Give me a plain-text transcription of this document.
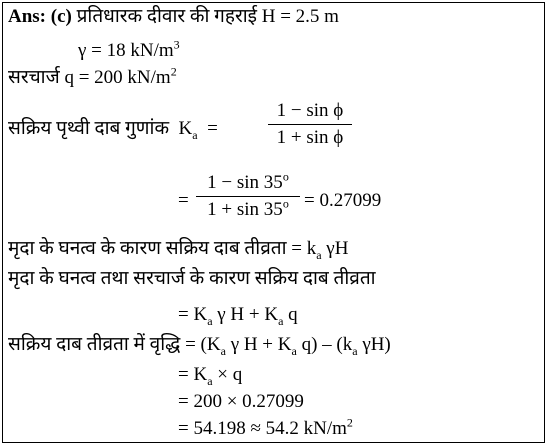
Ans: (c) प्रतिधारक दीवार की गहराई H = 2.5 m
γ = 18 $kN/m^3$
सरचार्ज q = 200 $kN/m^2$
सक्रिय पृथ्वी दाब गुणांक $K_a$ =
1 − sin ϕ
1 + sin ϕ
=
1 − sin 35$^o$
$1 + \sin 35^o = 0.27099$
मृदा के घनत्व के कारण सक्रिय दाब तीव्रता = $k_a$ γH
मृदा के घनत्व तथा सरचार्ज के कारण सक्रिय दाब तीव्रता
= $K_a$ γ $H + K_a$ q
सक्रिय दाब तीव्रता में वृद्धि = ($K_a$ γ $H + K_a$ $q) - (k_a$ γH)
= $K_a \times q$
= 200 × 0.27099
= 54.198 ≈ 54.2 $kN/m^2$
